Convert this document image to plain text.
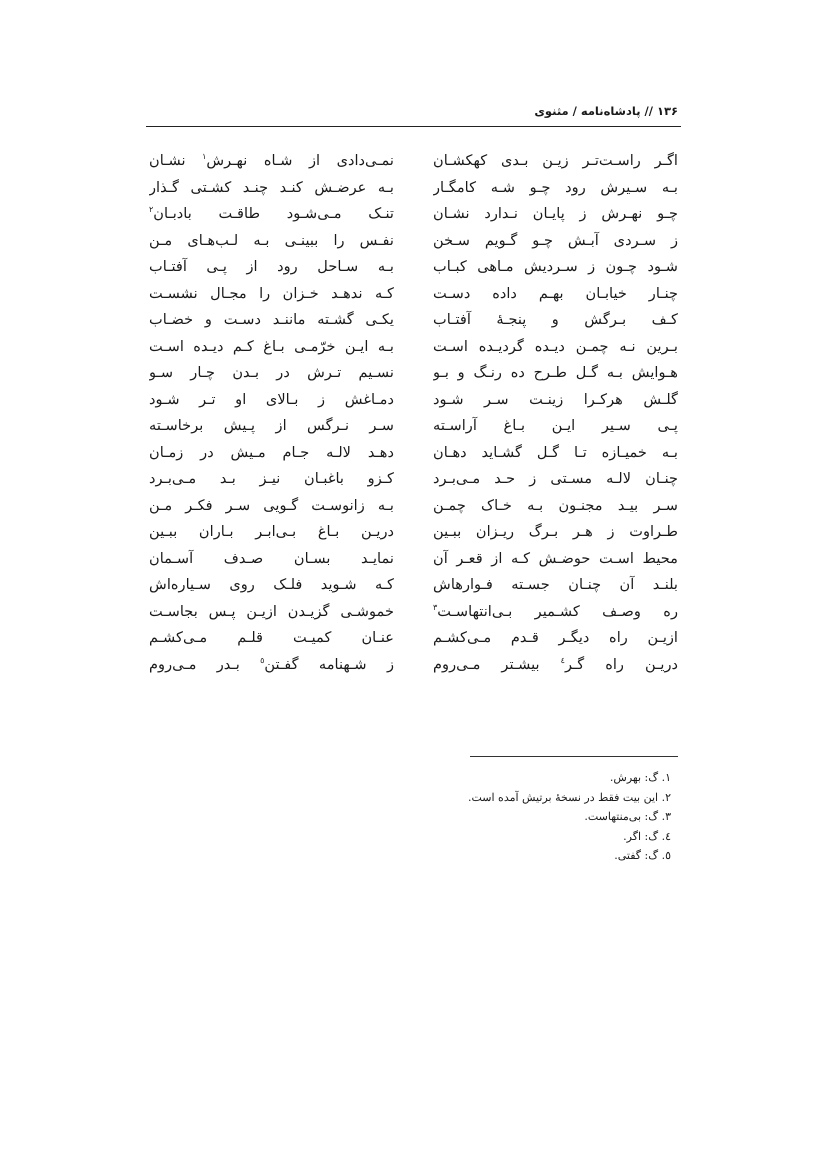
۱۳۶ // پادشاه‌نامه / مثنوی
اگـر راسـت‌تـر زیـن بـدی کهکشـان
بـه سـیرش رود چـو شـه کامگـار
چـو نهـرش ز پایـان نـدارد نشـان
ز سـردی آبـش چـو گـویم سـخن
شـود چـون ز سـردیش مـاهی کبـاب
چنـار خیابـان بهـم داده دسـت
کـف بـرگش و پنجـهٔ آفتـاب
بـرین نـه چمـن دیـده گردیـده اسـت
هـوایش بـه گـل طـرح ده رنـگ و بـو
گلـش هرکـرا زینـت سـر شـود
پـی سـیر ایـن بـاغ آراسـته
بـه خمیـازه تـا گـل گشـاید دهـان
چنـان لالـه مسـتی ز حـد مـی‌بـرد
سـر بیـد مجنـون بـه خـاک چمـن
طـراوت ز هـر بـرگ ریـزان ببـین
محیط اسـت حوضـش کـه از قعـر آن
بلنـد آن چنـان جسـته فـوارهاش
ره وصـف کشـمیر بـی‌انتهاسـت$^۳$
ازیـن راه دیگـر قـدم مـی‌کشـم
دریـن راه گـر$^٤$ بیشـتر مـی‌روم
نمـی‌دادی از شـاه نهـرش$^۱$ نشـان
بـه عرضـش کنـد چنـد کشـتی گـذار
تنـک مـی‌شـود طاقـت بادبـان$^۲$
نفـس را ببینـی بـه لـب‌هـای مـن
بـه سـاحل رود از پـی آفتـاب
کـه ندهـد خـزان را مجـال نشسـت
یکـی گشـته ماننـد دسـت و خضـاب
بـه ایـن خرّمـی بـاغ کـم دیـده اسـت
نسـیم تـرش در بـدن چـار سـو
دمـاغش ز بـالای او تـر شـود
سـر نـرگس از پـیش برخاسـته
دهـد لالـه جـام مـیش در زمـان
کـزو باغبـان نیـز بـد مـی‌بـرد
بـه زانوسـت گـویی سـر فکـر مـن
دریـن بـاغ بـی‌ابـر بـاران ببـین
نمایـد بسـان صـدف آسـمان
کـه شـوید فلـک روی سـیاره‌اش
خموشـی گزیـدن ازیـن پـس بجاسـت
عنـان کمیـت قلـم مـی‌کشـم
ز شـهنامه گفـتن$^٥$ بـدر مـی‌روم
۱. گ: بهرش.
۲. این بیت فقط در نسخهٔ برتیش آمده است.
۳. گ: بی‌منتهاست.
٤. گ: اگر.
٥. گ: گفتی.
